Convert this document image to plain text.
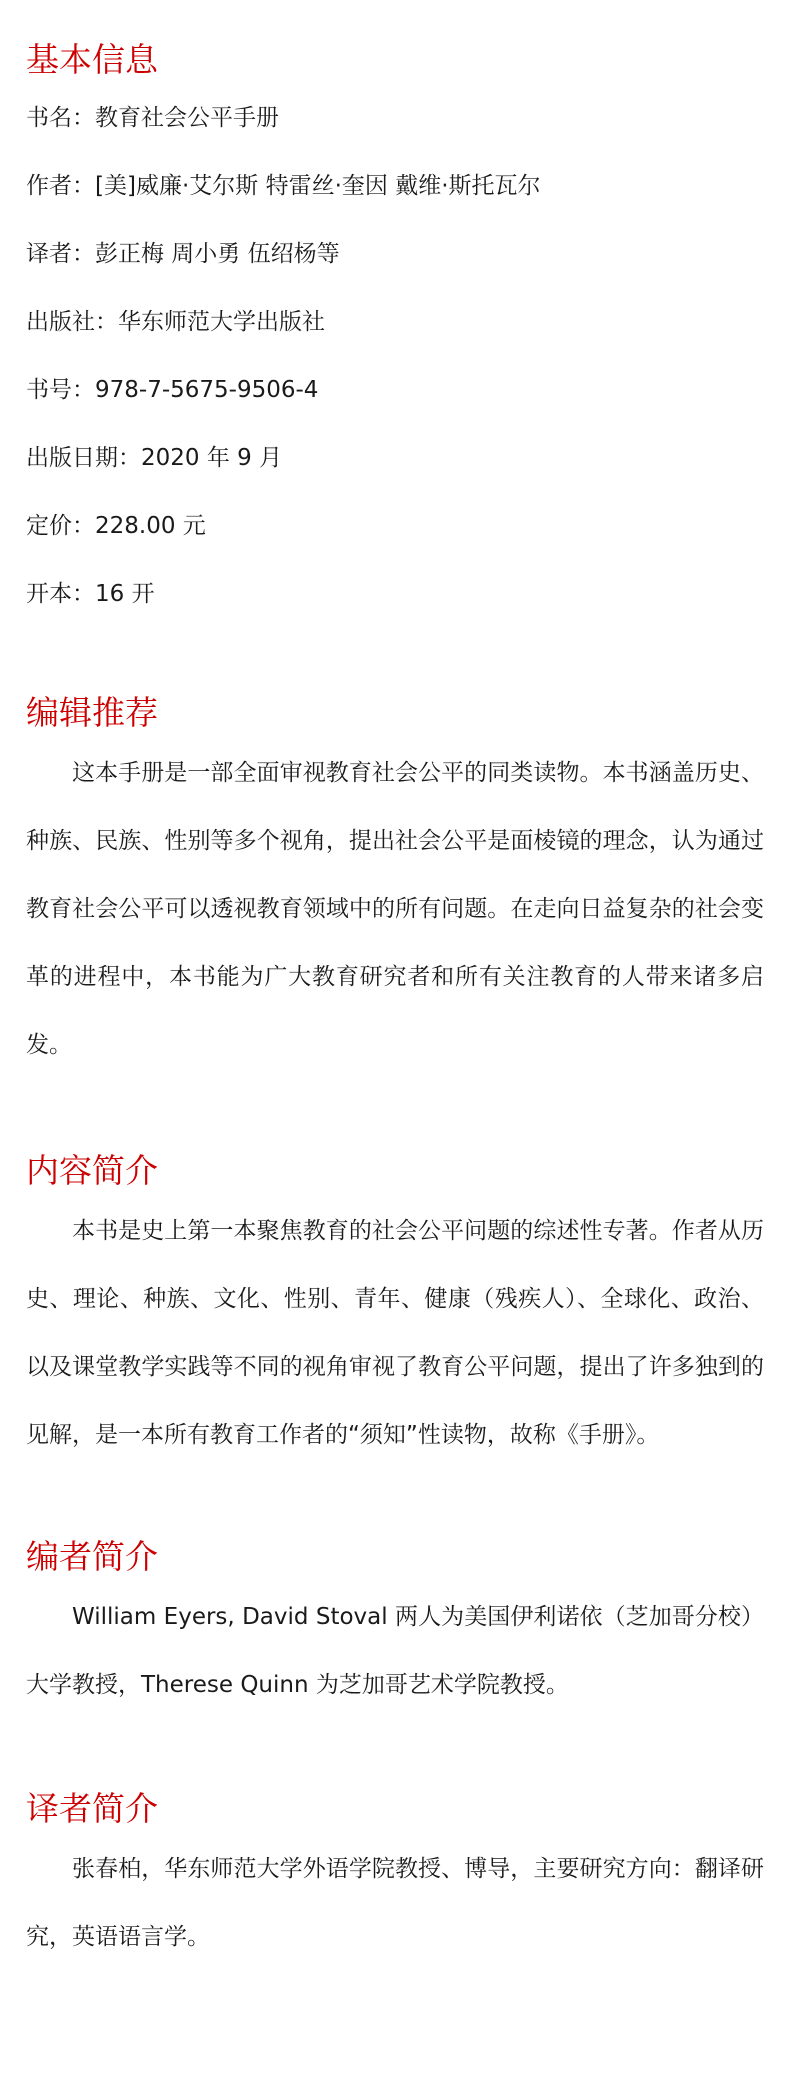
基本信息

书名：教育社会公平手册

作者：[美]威廉·艾尔斯 特雷丝·奎因 戴维·斯托瓦尔

译者：彭正梅 周小勇 伍绍杨等

出版社：华东师范大学出版社

书号：978-7-5675-9506-4

出版日期：2020 年 9 月

定价：228.00 元

开本：16 开

编辑推荐

这本手册是一部全面审视教育社会公平的同类读物。本书涵盖历史、种族、民族、性别等多个视角，提出社会公平是面棱镜的理念，认为通过教育社会公平可以透视教育领域中的所有问题。在走向日益复杂的社会变革的进程中，本书能为广大教育研究者和所有关注教育的人带来诸多启发。

内容简介

本书是史上第一本聚焦教育的社会公平问题的综述性专著。作者从历史、理论、种族、文化、性别、青年、健康（残疾人）、全球化、政治、以及课堂教学实践等不同的视角审视了教育公平问题，提出了许多独到的见解，是一本所有教育工作者的“须知”性读物，故称《手册》。

编者简介

William Eyers, David Stoval 两人为美国伊利诺依（芝加哥分校）大学教授，Therese Quinn 为芝加哥艺术学院教授。

译者简介

张春柏，华东师范大学外语学院教授、博导，主要研究方向：翻译研究，英语语言学。
